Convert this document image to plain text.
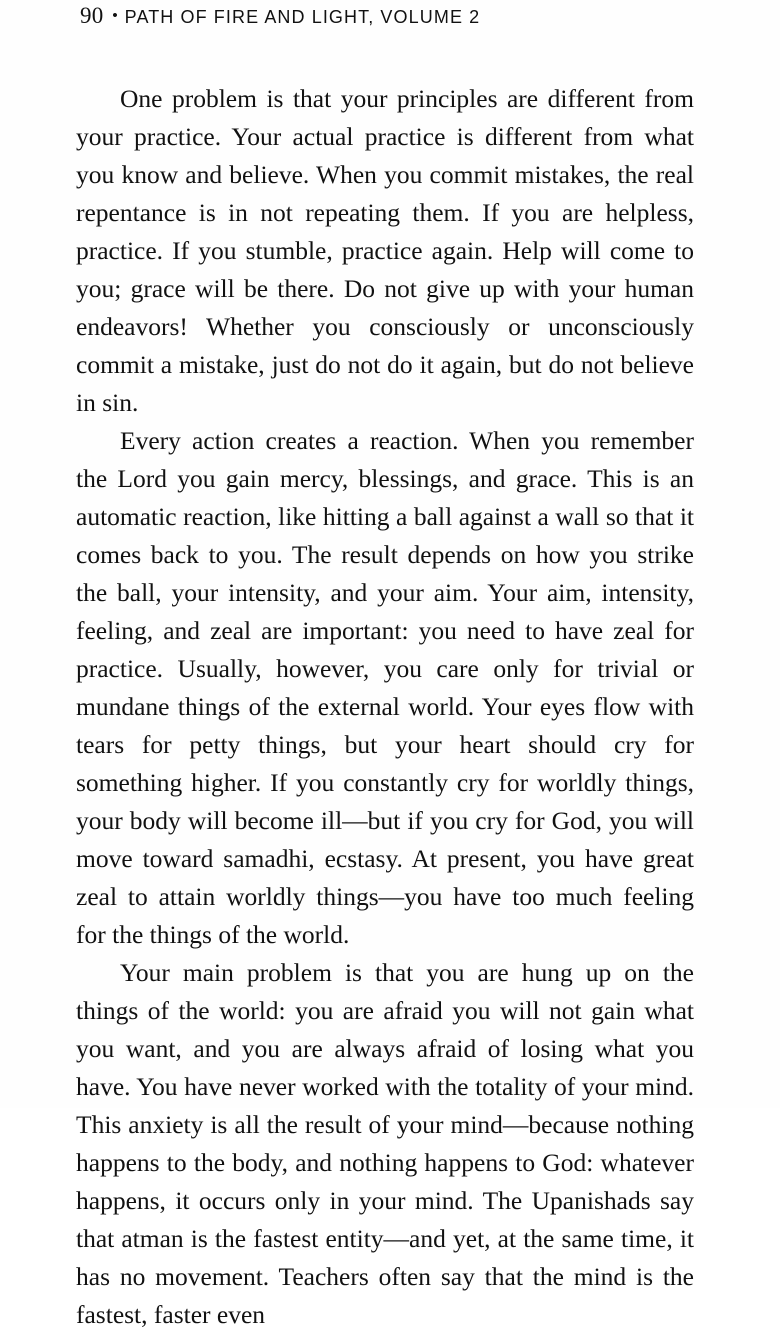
90 • PATH OF FIRE AND LIGHT, VOLUME 2

One problem is that your principles are different from your practice. Your actual practice is different from what you know and believe. When you commit mistakes, the real repentance is in not repeating them. If you are helpless, practice. If you stumble, practice again. Help will come to you; grace will be there. Do not give up with your human endeavors! Whether you consciously or unconsciously commit a mistake, just do not do it again, but do not believe in sin.

Every action creates a reaction. When you remember the Lord you gain mercy, blessings, and grace. This is an automatic reaction, like hitting a ball against a wall so that it comes back to you. The result depends on how you strike the ball, your intensity, and your aim. Your aim, intensity, feeling, and zeal are important: you need to have zeal for practice. Usually, however, you care only for trivial or mundane things of the external world. Your eyes flow with tears for petty things, but your heart should cry for something higher. If you constantly cry for worldly things, your body will become ill—but if you cry for God, you will move toward samadhi, ecstasy. At present, you have great zeal to attain worldly things—you have too much feeling for the things of the world.

Your main problem is that you are hung up on the things of the world: you are afraid you will not gain what you want, and you are always afraid of losing what you have. You have never worked with the totality of your mind. This anxiety is all the result of your mind—because nothing happens to the body, and nothing happens to God: whatever happens, it occurs only in your mind. The Upanishads say that atman is the fastest entity—and yet, at the same time, it has no movement. Teachers often say that the mind is the fastest, faster even
